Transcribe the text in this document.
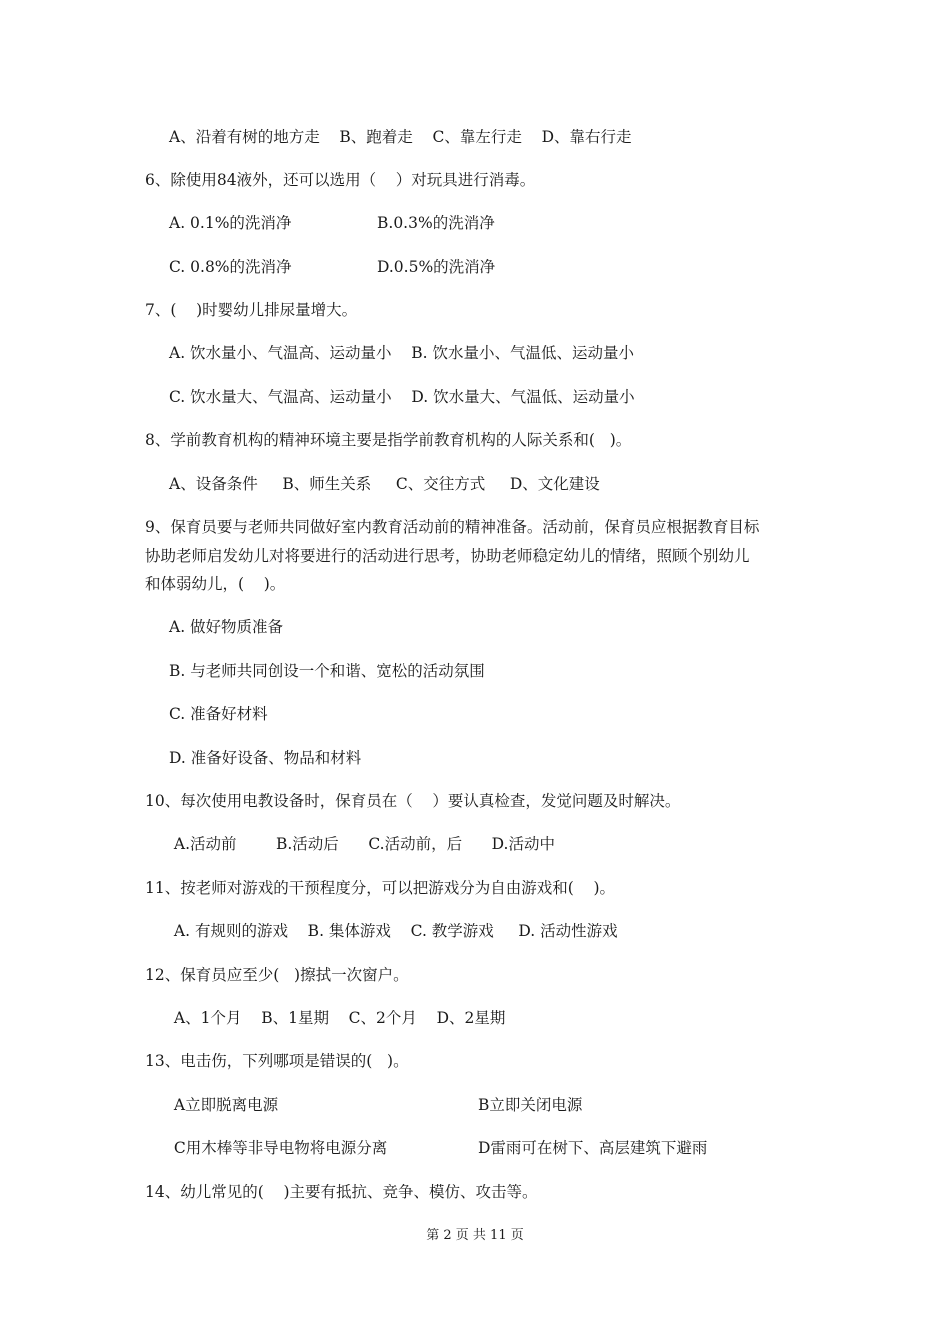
A、沿着有树的地方走    B、跑着走    C、靠左行走    D、靠右行走
6、除使用84液外，还可以选用（    ）对玩具进行消毒。
A. 0.1%的洗消净	B.0.3%的洗消净
C. 0.8%的洗消净	D.0.5%的洗消净
7、(    )时婴幼儿排尿量增大。
A. 饮水量小、气温高、运动量小    B. 饮水量小、气温低、运动量小
C. 饮水量大、气温高、运动量小    D. 饮水量大、气温低、运动量小
8、学前教育机构的精神环境主要是指学前教育机构的人际关系和(   )。
A、设备条件     B、师生关系     C、交往方式     D、文化建设
9、保育员要与老师共同做好室内教育活动前的精神准备。活动前，保育员应根据教育目标
协助老师启发幼儿对将要进行的活动进行思考，协助老师稳定幼儿的情绪，照顾个别幼儿
和体弱幼儿，(    )。
A. 做好物质准备
B. 与老师共同创设一个和谐、宽松的活动氛围
C. 准备好材料
D. 准备好设备、物品和材料
10、每次使用电教设备时，保育员在（    ）要认真检查，发觉问题及时解决。
A.活动前        B.活动后      C.活动前，后      D.活动中
11、按老师对游戏的干预程度分，可以把游戏分为自由游戏和(    )。
A. 有规则的游戏    B. 集体游戏    C. 教学游戏     D. 活动性游戏
12、保育员应至少(   )擦拭一次窗户。
A、1个月    B、1星期    C、2个月    D、2星期
13、电击伤，下列哪项是错误的(   )。
A立即脱离电源	B立即关闭电源
C用木棒等非导电物将电源分离	D雷雨可在树下、高层建筑下避雨
14、幼儿常见的(    )主要有抵抗、竞争、模仿、攻击等。
第 2 页 共 11 页
